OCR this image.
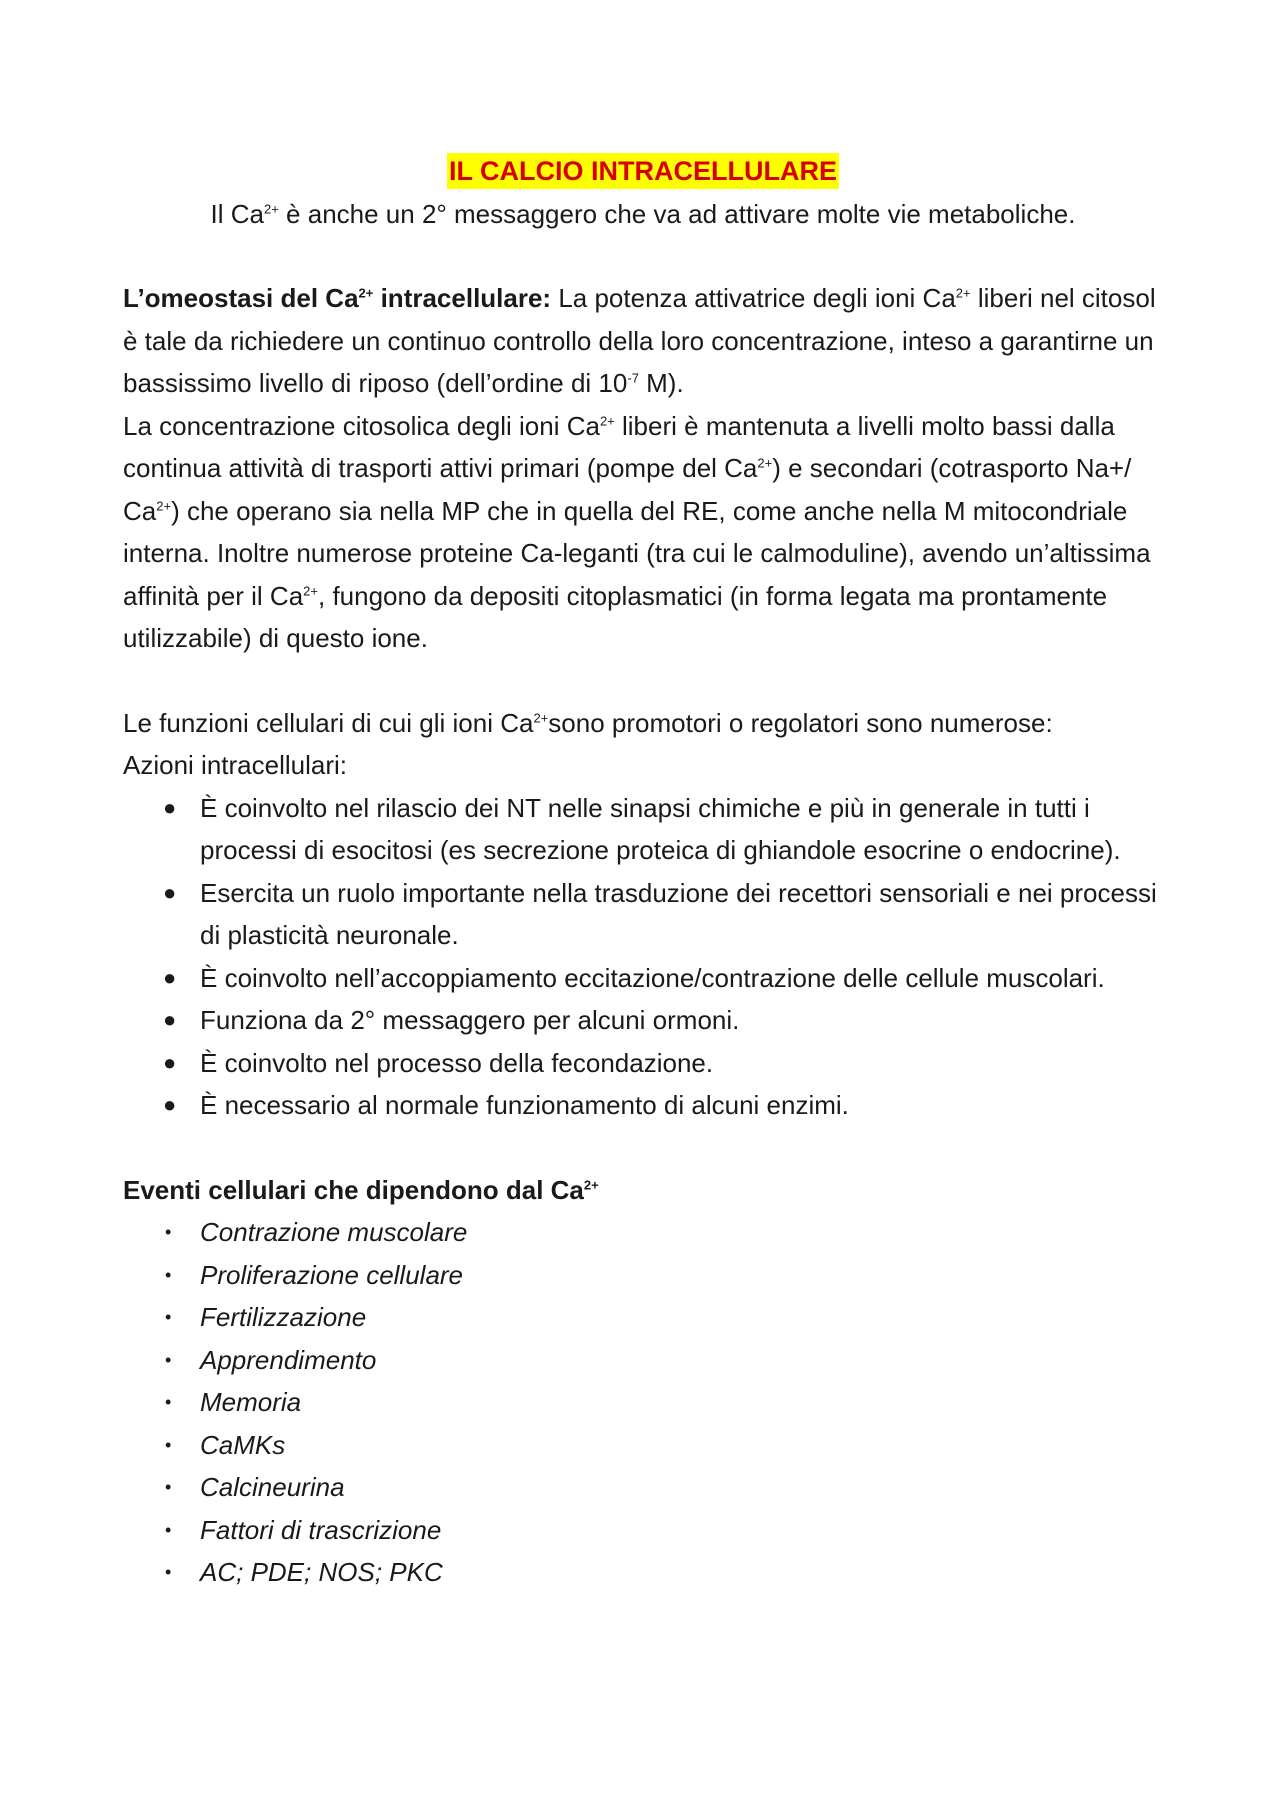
IL CALCIO INTRACELLULARE

Il $Ca^{2+}$ è anche un 2° messaggero che va ad attivare molte vie metaboliche.

L’omeostasi del $Ca^{2+}$ intracellulare: La potenza attivatrice degli ioni $Ca^{2+}$ liberi nel citosol è tale da richiedere un continuo controllo della loro concentrazione, inteso a garantirne un bassissimo livello di riposo (dell’ordine di $10^{-7}$ M).

La concentrazione citosolica degli ioni $Ca^{2+}$ liberi è mantenuta a livelli molto bassi dalla continua attività di trasporti attivi primari (pompe del $Ca^{2+}$) e secondari (cotrasporto Na+/ $Ca^{2+}$) che operano sia nella MP che in quella del RE, come anche nella M mitocondriale interna. Inoltre numerose proteine Ca-leganti (tra cui le calmoduline), avendo un’altissima affinità per il $Ca^{2+}$, fungono da depositi citoplasmatici (in forma legata ma prontamente utilizzabile) di questo ione.

Le funzioni cellulari di cui gli ioni $Ca^{2+}sono$ promotori o regolatori sono numerose:

Azioni intracellulari:

● È coinvolto nel rilascio dei NT nelle sinapsi chimiche e più in generale in tutti i processi di esocitosi (es secrezione proteica di ghiandole esocrine o endocrine).
● Esercita un ruolo importante nella trasduzione dei recettori sensoriali e nei processi di plasticità neuronale.
● È coinvolto nell’accoppiamento eccitazione/contrazione delle cellule muscolari.
● Funziona da 2° messaggero per alcuni ormoni.
● È coinvolto nel processo della fecondazione.
● È necessario al normale funzionamento di alcuni enzimi.

Eventi cellulari che dipendono dal $Ca^{2+}$

• Contrazione muscolare
• Proliferazione cellulare
• Fertilizzazione
• Apprendimento
• Memoria
• CaMKs
• Calcineurina
• Fattori di trascrizione
• AC; PDE; NOS; PKC
